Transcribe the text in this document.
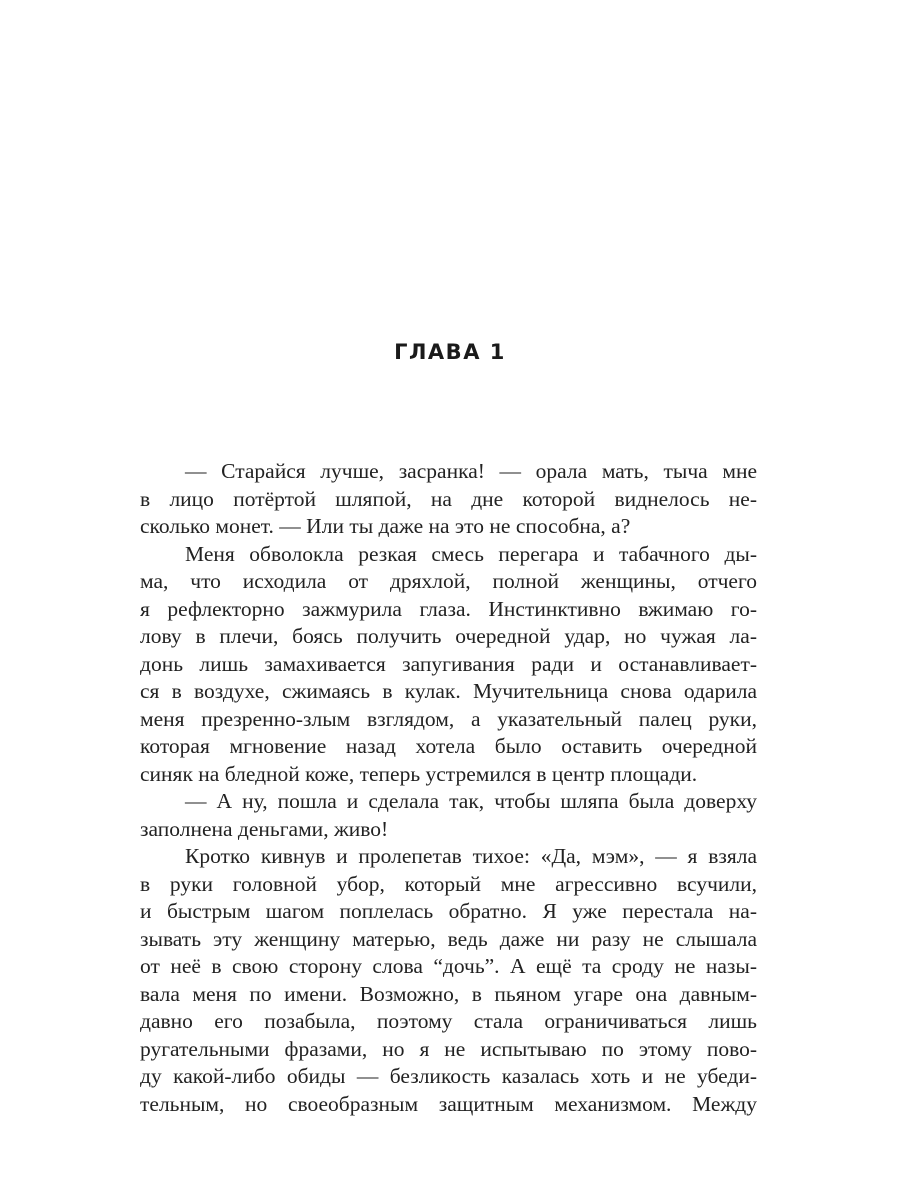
ГЛАВА 1
— Старайся лучше, засранка! — орала мать, тыча мне
в лицо потёртой шляпой, на дне которой виднелось не-
сколько монет. — Или ты даже на это не способна, а?
Меня обволокла резкая смесь перегара и табачного ды-
ма, что исходила от дряхлой, полной женщины, отчего
я рефлекторно зажмурила глаза. Инстинктивно вжимаю го-
лову в плечи, боясь получить очередной удар, но чужая ла-
донь лишь замахивается запугивания ради и останавливает-
ся в воздухе, сжимаясь в кулак. Мучительница снова одарила
меня презренно-злым взглядом, а указательный палец руки,
которая мгновение назад хотела было оставить очередной
синяк на бледной коже, теперь устремился в центр площади.
— А ну, пошла и сделала так, чтобы шляпа была доверху
заполнена деньгами, живо!
Кротко кивнув и пролепетав тихое: «Да, мэм», — я взяла
в руки головной убор, который мне агрессивно всучили,
и быстрым шагом поплелась обратно. Я уже перестала на-
зывать эту женщину матерью, ведь даже ни разу не слышала
от неё в свою сторону слова “дочь”. А ещё та сроду не назы-
вала меня по имени. Возможно, в пьяном угаре она давным-
давно его позабыла, поэтому стала ограничиваться лишь
ругательными фразами, но я не испытываю по этому пово-
ду какой-либо обиды — безликость казалась хоть и не убеди-
тельным, но своеобразным защитным механизмом. Между
